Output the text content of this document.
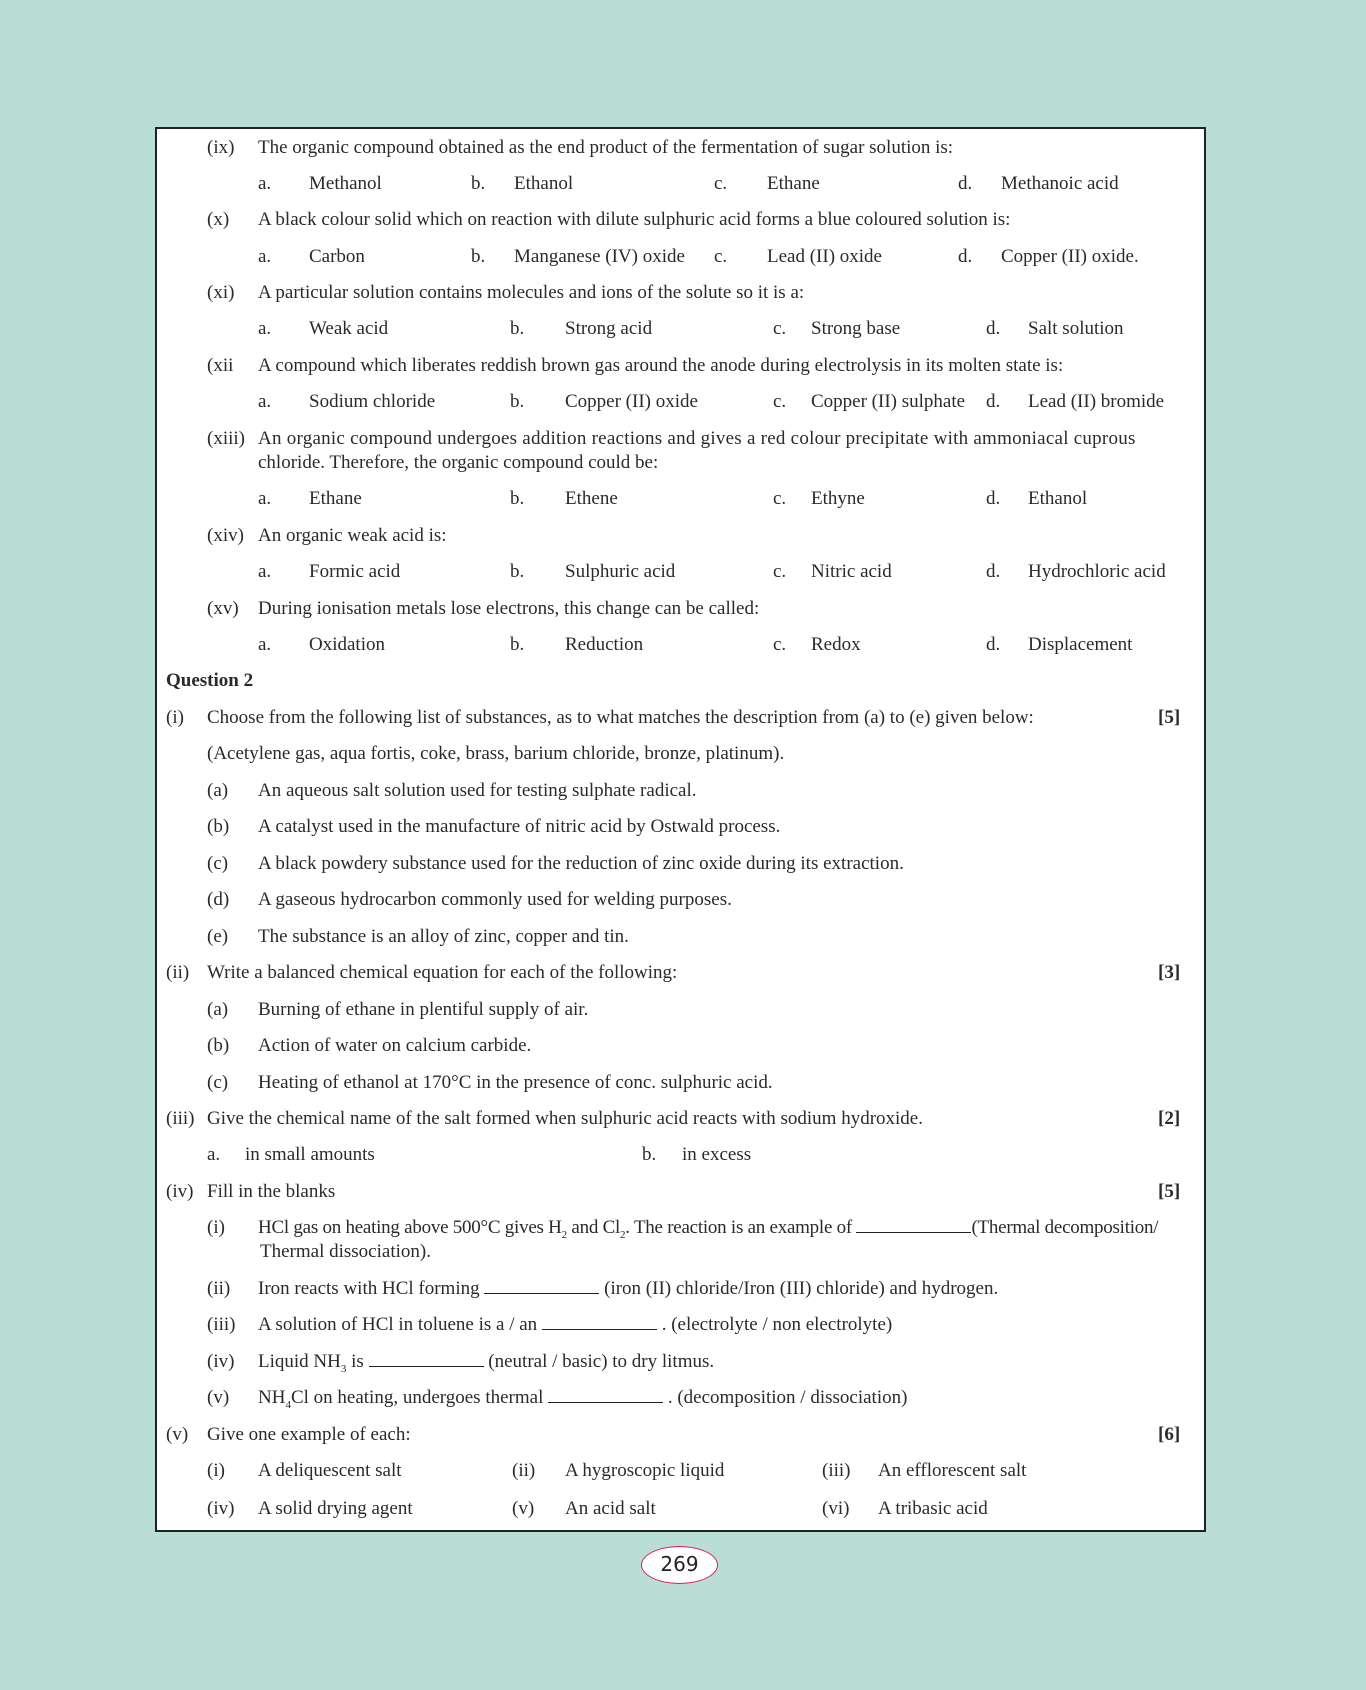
(ix) The organic compound obtained as the end product of the fermentation of sugar solution is:
a. Methanol	b. Ethanol	c. Ethane	d. Methanoic acid
(x) A black colour solid which on reaction with dilute sulphuric acid forms a blue coloured solution is:
a. Carbon	b. Manganese (IV) oxide c. Lead (II) oxide	d. Copper (II) oxide.
(xi) A particular solution contains molecules and ions of the solute so it is a:
a. Weak acid	b. Strong acid	c. Strong base	d. Salt solution
(xii A compound which liberates reddish brown gas around the anode during electrolysis in its molten state is:
a. Sodium chloride	b. Copper (II) oxide	c. Copper (II) sulphate d. Lead (II) bromide
(xiii) An organic compound undergoes addition reactions and gives a red colour precipitate with ammoniacal cuprous
chloride. Therefore, the organic compound could be:
a. Ethane	b. Ethene	c. Ethyne	d. Ethanol
(xiv) An organic weak acid is:
a. Formic acid	b. Sulphuric acid	c. Nitric acid	d. Hydrochloric acid
(xv) During ionisation metals lose electrons, this change can be called:
a. Oxidation	b. Reduction	c. Redox	d. Displacement
Question 2
(i) Choose from the following list of substances, as to what matches the description from (a) to (e) given below:	[5]
(Acetylene gas, aqua fortis, coke, brass, barium chloride, bronze, platinum).
(a) An aqueous salt solution used for testing sulphate radical.
(b) A catalyst used in the manufacture of nitric acid by Ostwald process.
(c) A black powdery substance used for the reduction of zinc oxide during its extraction.
(d) A gaseous hydrocarbon commonly used for welding purposes.
(e) The substance is an alloy of zinc, copper and tin.
(ii) Write a balanced chemical equation for each of the following:	[3]
(a) Burning of ethane in plentiful supply of air.
(b) Action of water on calcium carbide.
(c) Heating of ethanol at 170°C in the presence of conc. sulphuric acid.
(iii) Give the chemical name of the salt formed when sulphuric acid reacts with sodium hydroxide.	[2]
a. in small amounts	b. in excess
(iv) Fill in the blanks	[5]
(i) HCl gas on heating above 500°C gives $H_2$ and $Cl_2$. The reaction is an example of	(Thermal decomposition/
Thermal dissociation).
(ii) Iron reacts with HCl forming	(iron (II) chloride/Iron (III) chloride) and hydrogen.
(iii) A solution of HCl in toluene is a / an	. (electrolyte / non electrolyte)
(iv) Liquid $NH_3$ is	(neutral / basic) to dry litmus.
(v) $NH_4Cl$ on heating, undergoes thermal	. (decomposition / dissociation)
(v) Give one example of each:	[6]
(i) A deliquescent salt	(ii) A hygroscopic liquid	(iii) An efflorescent salt
(iv) A solid drying agent	(v) An acid salt	(vi) A tribasic acid
269
